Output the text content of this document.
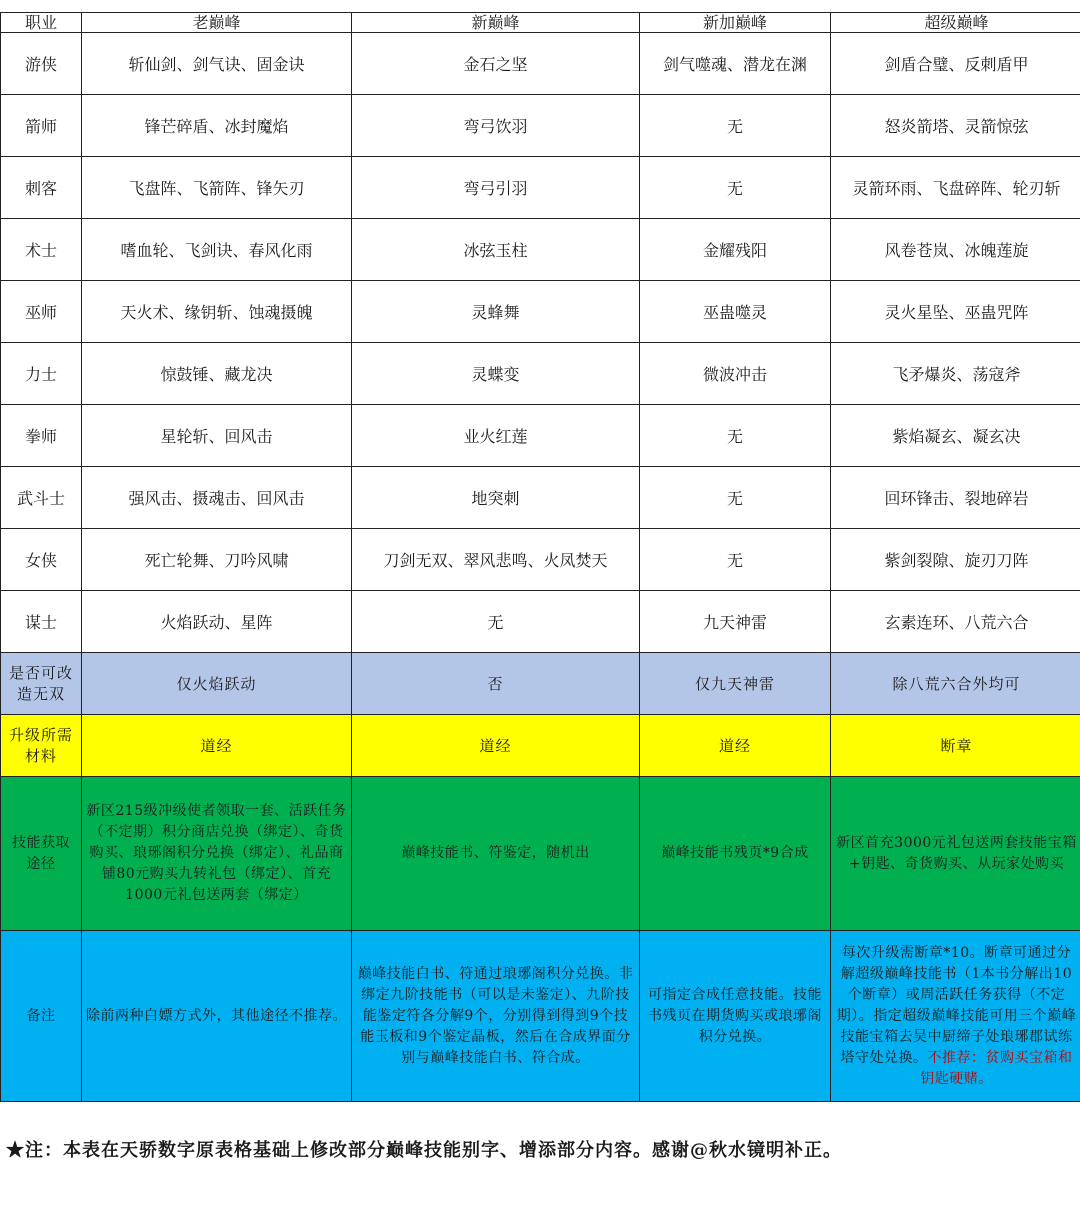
职业	老巅峰	新巅峰	新加巅峰	超级巅峰
游侠	斩仙剑、剑气诀、固金诀	金石之坚	剑气噬魂、潜龙在渊	剑盾合璧、反刺盾甲
箭师	锋芒碎盾、冰封魔焰	弯弓饮羽	无	怒炎箭塔、灵箭惊弦
刺客	飞盘阵、飞箭阵、锋矢刃	弯弓引羽	无	灵箭环雨、飞盘碎阵、轮刃斩
术士	嗜血轮、飞剑诀、春风化雨	冰弦玉柱	金耀残阳	风卷苍岚、冰魄莲旋
巫师	天火术、缘钥斩、蚀魂摄魄	灵蜂舞	巫蛊噬灵	灵火星坠、巫蛊咒阵
力士	惊鼓锤、藏龙决	灵蝶变	微波冲击	飞矛爆炎、荡寇斧
拳师	星轮斩、回风击	业火红莲	无	紫焰凝玄、凝玄决
武斗士	强风击、摄魂击、回风击	地突刺	无	回环锋击、裂地碎岩
女侠	死亡轮舞、刀吟风啸	刀剑无双、翠风悲鸣、火凤焚天	无	紫剑裂隙、旋刃刀阵
谋士	火焰跃动、星阵	无	九天神雷	玄素连环、八荒六合
是否可改造无双	仅火焰跃动	否	仅九天神雷	除八荒六合外均可
升级所需材料	道经	道经	道经	断章
技能获取途径	新区215级冲级使者领取一套、活跃任务（不定期）积分商店兑换（绑定）、奇货购买、琅琊阁积分兑换（绑定）、礼品商铺80元购买九转礼包（绑定）、首充1000元礼包送两套（绑定）	巅峰技能书、符鉴定，随机出	巅峰技能书残页*9合成	新区首充3000元礼包送两套技能宝箱+钥匙、奇货购买、从玩家处购买
备注	除前两种白嫖方式外，其他途径不推荐。	巅峰技能白书、符通过琅琊阁积分兑换。非绑定九阶技能书（可以是未鉴定）、九阶技能鉴定符各分解9个，分别得到得到9个技能玉板和9个鉴定晶板，然后在合成界面分别与巅峰技能白书、符合成。	可指定合成任意技能。技能书残页在期货购买或琅琊阁积分兑换。	每次升级需断章*10。断章可通过分解超级巅峰技能书（1本书分解出10个断章）或周活跃任务获得（不定期）。指定超级巅峰技能可用三个巅峰技能宝箱去吴中厨缔子处琅琊郡试练塔守处兑换。不推荐：贫购买宝箱和钥匙硬赌。
★注：本表在天骄数字原表格基础上修改部分巅峰技能别字、增添部分内容。感谢@秋水镜明补正。
